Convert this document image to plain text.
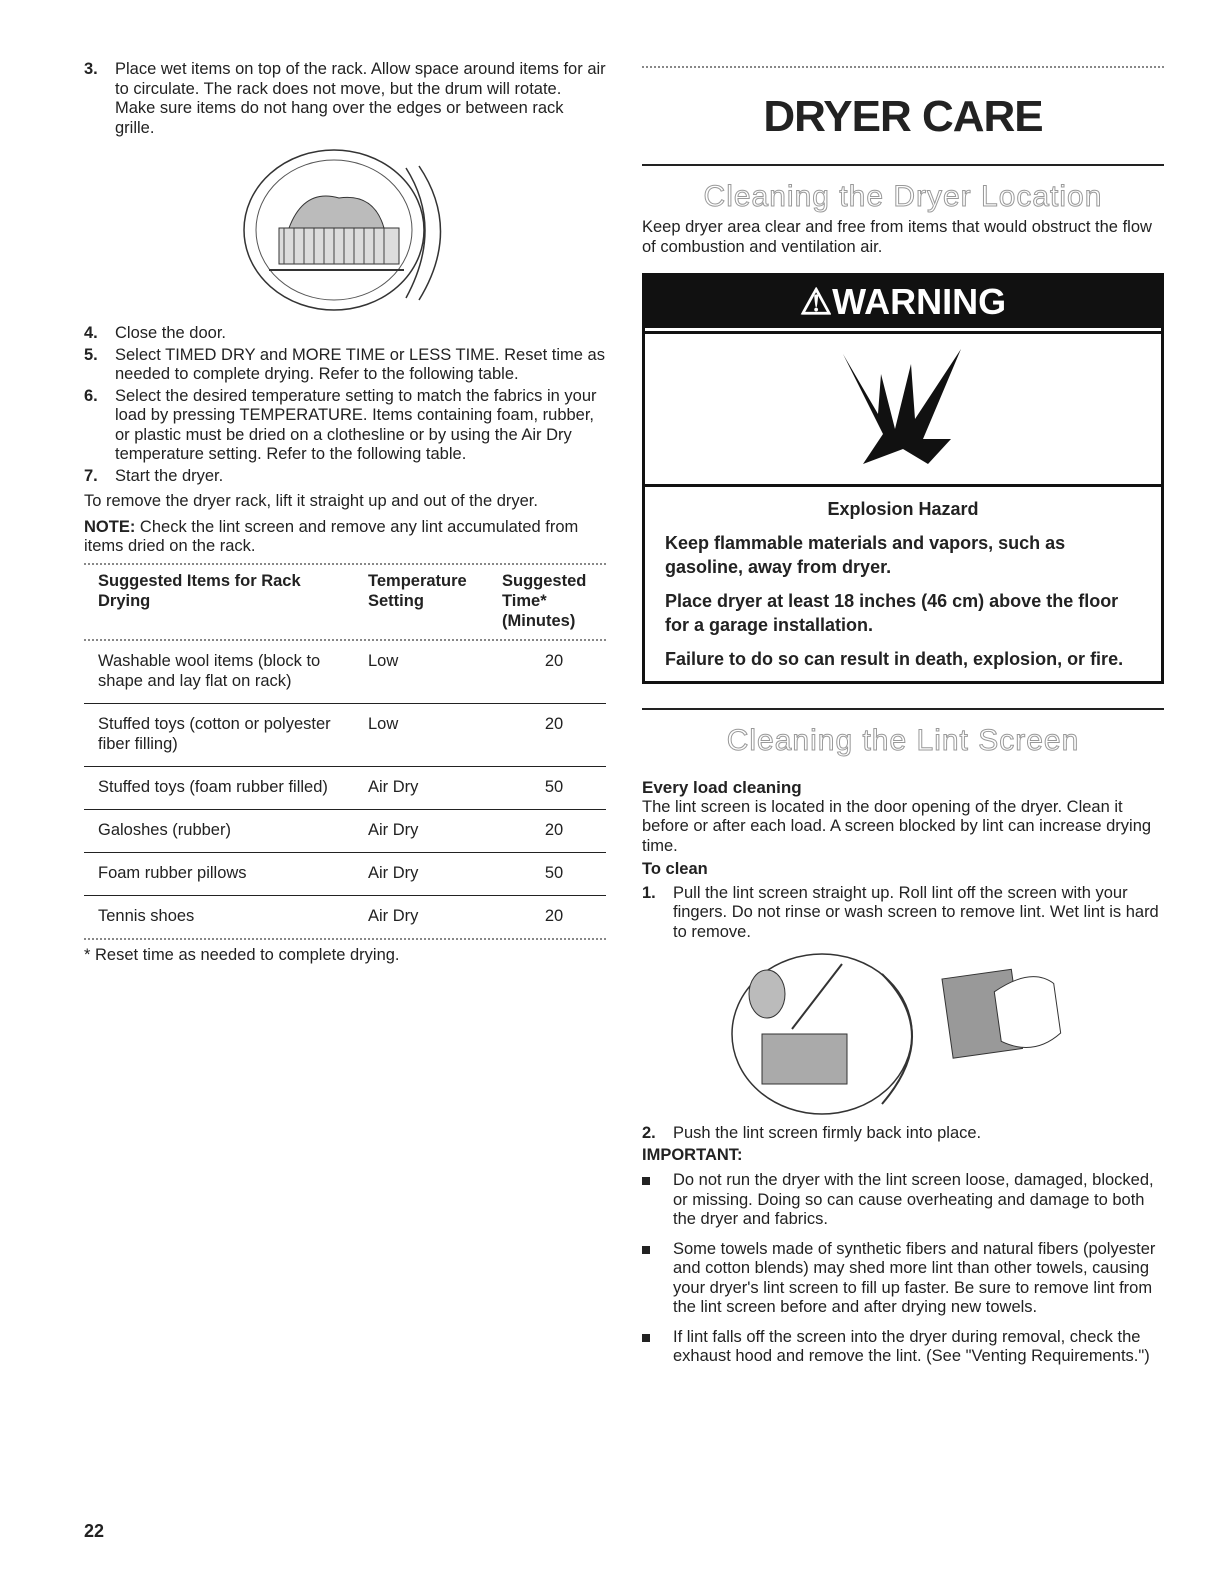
3.	Place wet items on top of the rack. Allow space around items for air to circulate. The rack does not move, but the drum will rotate. Make sure items do not hang over the edges or between rack grille.
4.	Close the door.
5.	Select TIMED DRY and MORE TIME or LESS TIME. Reset time as needed to complete drying. Refer to the following table.
6.	Select the desired temperature setting to match the fabrics in your load by pressing TEMPERATURE. Items containing foam, rubber, or plastic must be dried on a clothesline or by using the Air Dry temperature setting. Refer to the following table.
7.	Start the dryer.

To remove the dryer rack, lift it straight up and out of the dryer.

NOTE: Check the lint screen and remove any lint accumulated from items dried on the rack.

Suggested Items for Rack Drying	Temperature Setting	Suggested Time* (Minutes)

Washable wool items (block to shape and lay flat on rack)	Low	20
Stuffed toys (cotton or polyester fiber filling)	Low	20
Stuffed toys (foam rubber filled)	Air Dry	50
Galoshes (rubber)	Air Dry	20
Foam rubber pillows	Air Dry	50
Tennis shoes	Air Dry	20

* Reset time as needed to complete drying.

DRYER CARE
Cleaning the Dryer Location

Keep dryer area clear and free from items that would obstruct the flow of combustion and ventilation air.

⚠WARNING
Explosion Hazard

Keep flammable materials and vapors, such as gasoline, away from dryer.

Place dryer at least 18 inches (46 cm) above the floor for a garage installation.

Failure to do so can result in death, explosion, or fire.

Cleaning the Lint Screen

Every load cleaning

The lint screen is located in the door opening of the dryer. Clean it before or after each load. A screen blocked by lint can increase drying time.

To clean

1.	Pull the lint screen straight up. Roll lint off the screen with your fingers. Do not rinse or wash screen to remove lint. Wet lint is hard to remove.
2.	Push the lint screen firmly back into place.

IMPORTANT:

Do not run the dryer with the lint screen loose, damaged, blocked, or missing. Doing so can cause overheating and damage to both the dryer and fabrics.
Some towels made of synthetic fibers and natural fibers (polyester and cotton blends) may shed more lint than other towels, causing your dryer's lint screen to fill up faster. Be sure to remove lint from the lint screen before and after drying new towels.
If lint falls off the screen into the dryer during removal, check the exhaust hood and remove the lint. (See "Venting Requirements.")
22
